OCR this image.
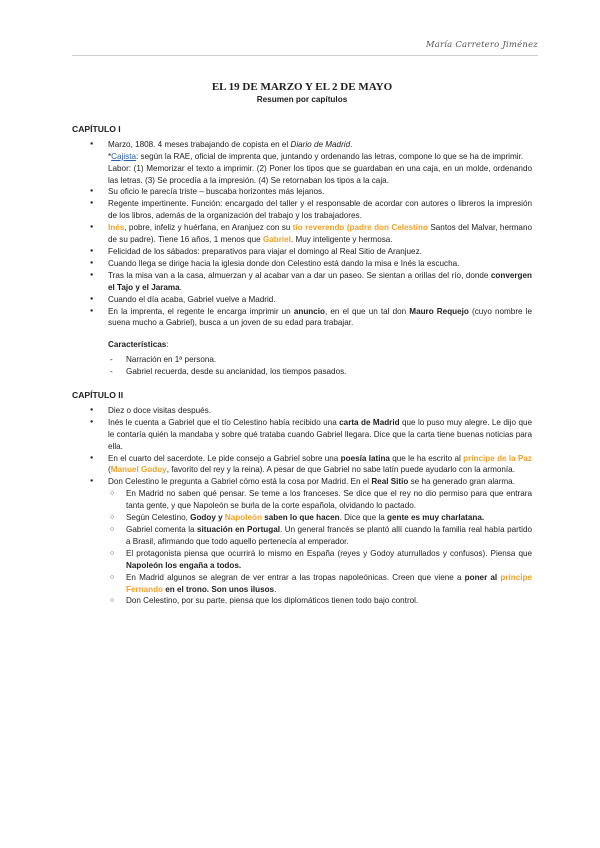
María Carretero Jiménez

EL 19 DE MARZO Y EL 2 DE MAYO

Resumen por capítulos

CAPÍTULO I

● Marzo, 1808. 4 meses trabajando de copista en el Diario de Madrid.
*Cajista: según la RAE, oficial de imprenta que, juntando y ordenando las letras, compone lo que se ha de imprimir.
Labor: (1) Memorizar el texto a imprimir. (2) Poner los tipos que se guardaban en una caja, en un molde, ordenando las letras. (3) Se procedía a la impresión. (4) Se retornaban los tipos a la caja.
● Su oficio le parecía triste – buscaba horizontes más lejanos.
● Regente impertinente. Función: encargado del taller y el responsable de acordar con autores o libreros la impresión de los libros, además de la organización del trabajo y los trabajadores.
● Inés, pobre, infeliz y huérfana, en Aranjuez con su tío reverendo (padre don Celestino Santos del Malvar, hermano de su padre). Tiene 16 años, 1 menos que Gabriel. Muy inteligente y hermosa.
● Felicidad de los sábados: preparativos para viajar el domingo al Real Sitio de Aranjuez.
● Cuando llega se dirige hacia la iglesia donde don Celestino está dando la misa e Inés la escucha.
● Tras la misa van a la casa, almuerzan y al acabar van a dar un paseo. Se sientan a orillas del río, donde convergen el Tajo y el Jarama.
● Cuando el día acaba, Gabriel vuelve a Madrid.
● En la imprenta, el regente le encarga imprimir un anuncio, en el que un tal don Mauro Requejo (cuyo nombre le suena mucho a Gabriel), busca a un joven de su edad para trabajar.
Características:
- Narración en 1ª persona.
- Gabriel recuerda, desde su ancianidad, los tiempos pasados.

CAPÍTULO II

● Diez o doce visitas después.
● Inés le cuenta a Gabriel que el tío Celestino había recibido una carta de Madrid que lo puso muy alegre. Le dijo que le contaría quién la mandaba y sobre qué trataba cuando Gabriel llegara. Dice que la carta tiene buenas noticias para ella.
● En el cuarto del sacerdote. Le pide consejo a Gabriel sobre una poesía latina que le ha escrito al príncipe de la Paz (Manuel Godoy, favorito del rey y la reina). A pesar de que Gabriel no sabe latín puede ayudarlo con la armonía.
● Don Celestino le pregunta a Gabriel cómo está la cosa por Madrid. En el Real Sitio se ha generado gran alarma.
○ En Madrid no saben qué pensar. Se teme a los franceses. Se dice que el rey no dio permiso para que entrara tanta gente, y que Napoleón se burla de la corte española, olvidando lo pactado.
○ Según Celestino, Godoy y Napoleón saben lo que hacen. Dice que la gente es muy charlatana.
○ Gabriel comenta la situación en Portugal. Un general francés se plantó allí cuando la familia real había partido a Brasil, afirmando que todo aquello pertenecía al emperador.
○ El protagonista piensa que ocurrirá lo mismo en España (reyes y Godoy aturrullados y confusos). Piensa que Napoleón los engaña a todos.
○ En Madrid algunos se alegran de ver entrar a las tropas napoleónicas. Creen que viene a poner al príncipe Fernando en el trono. Son unos ilusos.
○ Don Celestino, por su parte, piensa que los diplomáticos tienen todo bajo control.
